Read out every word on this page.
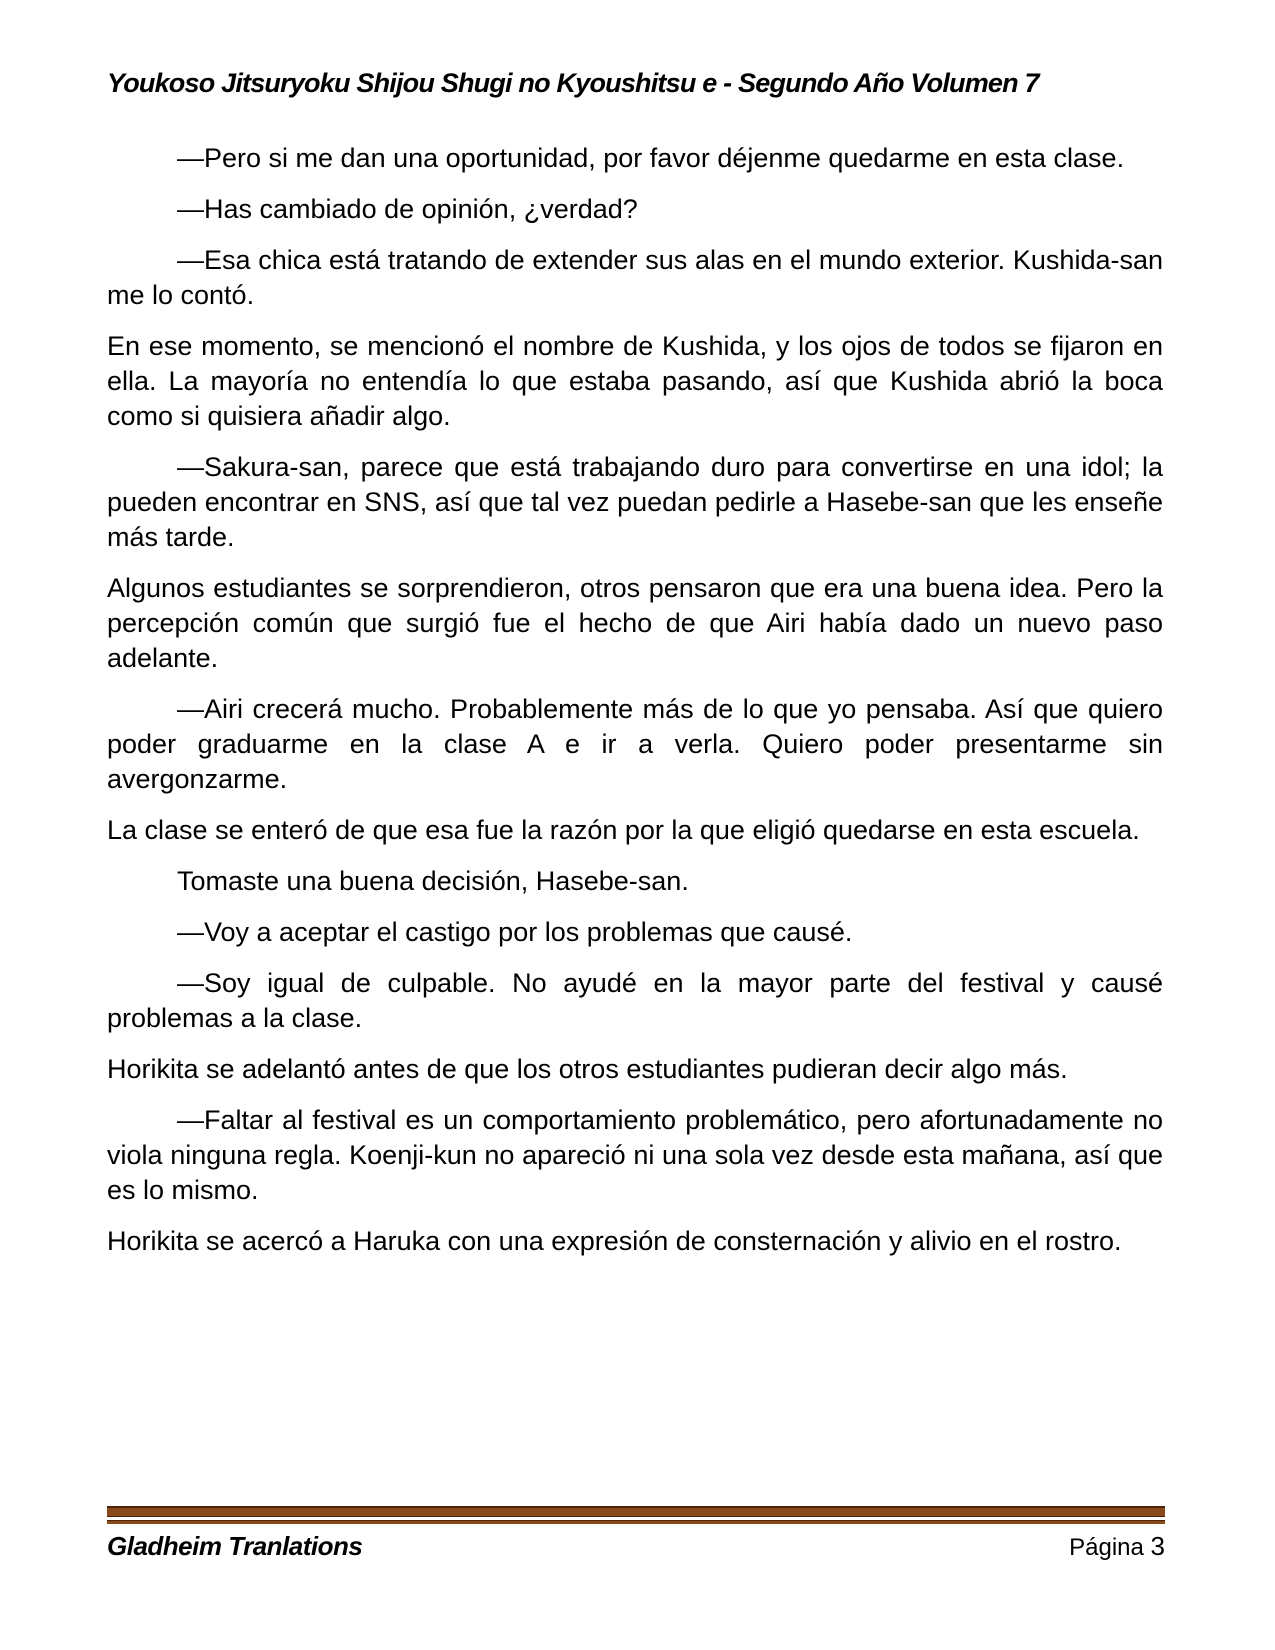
Youkoso Jitsuryoku Shijou Shugi no Kyoushitsu e - Segundo Año Volumen 7

—Pero si me dan una oportunidad, por favor déjenme quedarme en esta clase.

—Has cambiado de opinión, ¿verdad?

—Esa chica está tratando de extender sus alas en el mundo exterior. Kushida-san me lo contó.

En ese momento, se mencionó el nombre de Kushida, y los ojos de todos se fijaron en ella. La mayoría no entendía lo que estaba pasando, así que Kushida abrió la boca como si quisiera añadir algo.

—Sakura-san, parece que está trabajando duro para convertirse en una idol; la pueden encontrar en SNS, así que tal vez puedan pedirle a Hasebe-san que les enseñe más tarde.

Algunos estudiantes se sorprendieron, otros pensaron que era una buena idea. Pero la percepción común que surgió fue el hecho de que Airi había dado un nuevo paso adelante.

—Airi crecerá mucho. Probablemente más de lo que yo pensaba. Así que quiero poder graduarme en la clase A e ir a verla. Quiero poder presentarme sin avergonzarme.

La clase se enteró de que esa fue la razón por la que eligió quedarse en esta escuela.

Tomaste una buena decisión, Hasebe-san.

—Voy a aceptar el castigo por los problemas que causé.

—Soy igual de culpable. No ayudé en la mayor parte del festival y causé problemas a la clase.

Horikita se adelantó antes de que los otros estudiantes pudieran decir algo más.

—Faltar al festival es un comportamiento problemático, pero afortunadamente no viola ninguna regla. Koenji-kun no apareció ni una sola vez desde esta mañana, así que es lo mismo.

Horikita se acercó a Haruka con una expresión de consternación y alivio en el rostro.

Gladheim Tranlations	Página 3
